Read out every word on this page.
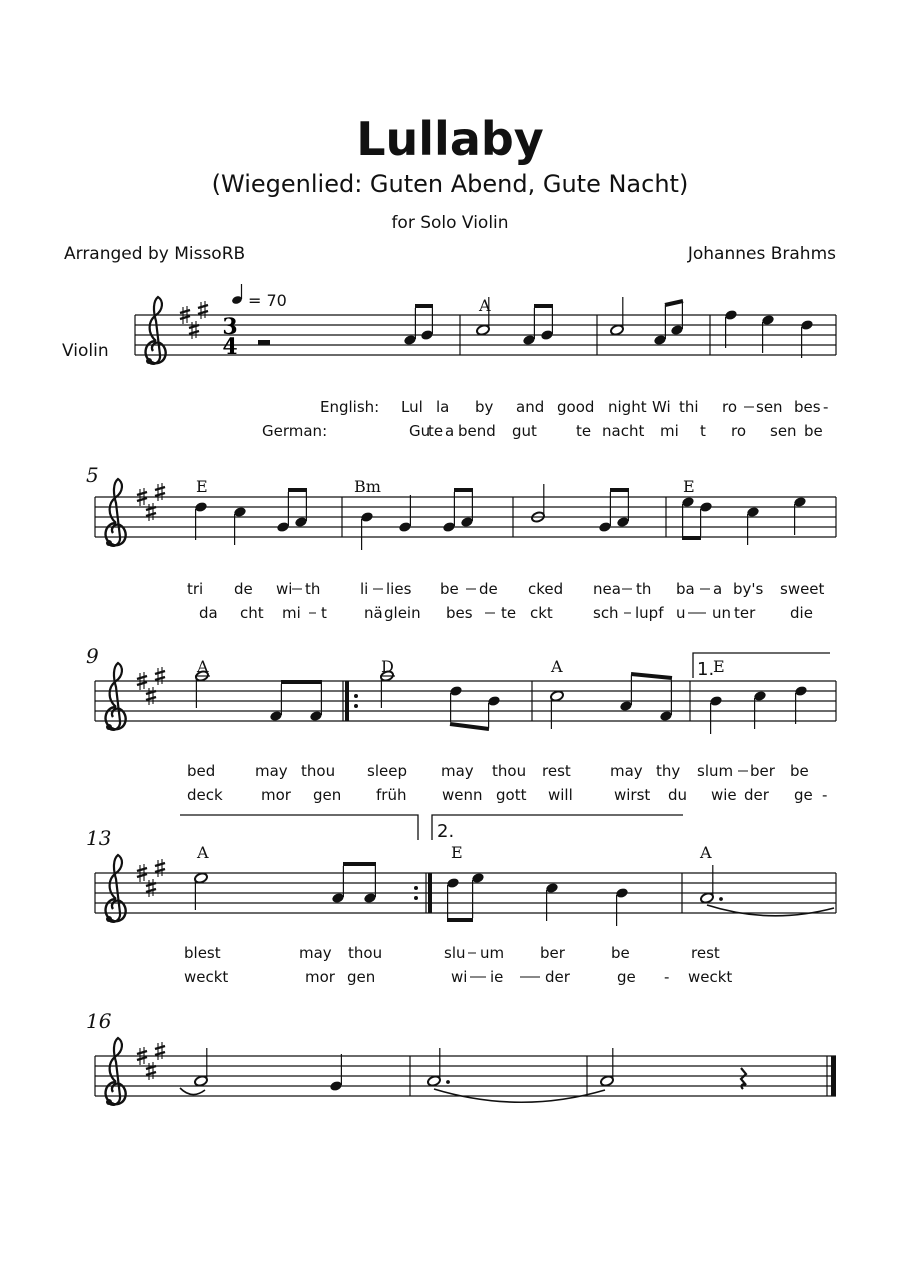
Lullaby
(Wiegenlied: Guten Abend, Gute Nacht)
for Solo Violin
Arranged by MissoRB	Johannes Brahms
3
4
= 70
Violin
A
English:
German:
Lul la by and good night Wi thi ro sen bes -
Gu
te a bend gut	te nacht mi t ro sen be
5	E	Bm	E
tri de wi th	li lies be de cked nea th ba a by's sweet
da cht mi t nä glein bes te ckt	sch lupf u un ter die
9	A	D	A	1.
E
bed	may thou sleep may thou rest	may thy slum ber be
deck	mor gen früh wenn gott will	wirst du wie der ge -
2.
13
A	E	A
blest	may thou	slu um ber	be	rest
weckt	mor gen	wi ie	der	ge - weckt
16
